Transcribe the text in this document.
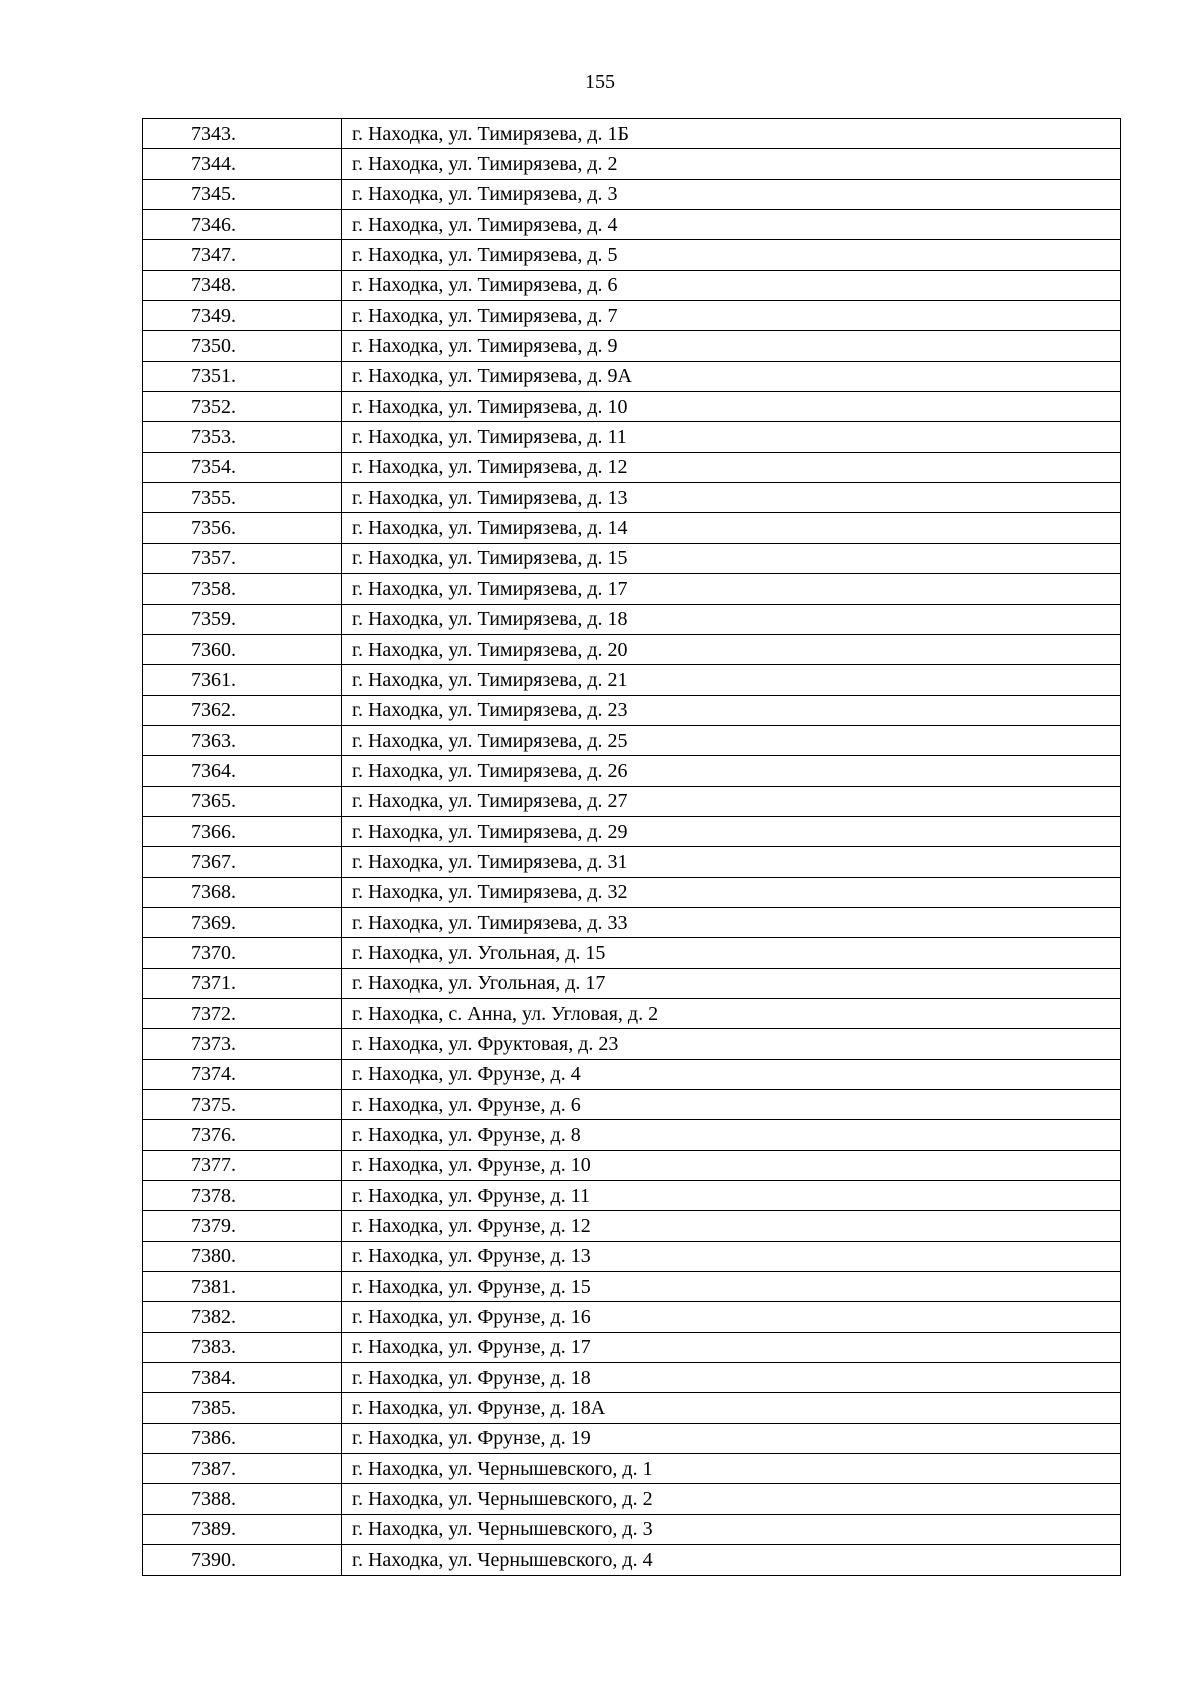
155
7343.	г. Находка, ул. Тимирязева, д. 1Б
7344.	г. Находка, ул. Тимирязева, д. 2
7345.	г. Находка, ул. Тимирязева, д. 3
7346.	г. Находка, ул. Тимирязева, д. 4
7347.	г. Находка, ул. Тимирязева, д. 5
7348.	г. Находка, ул. Тимирязева, д. 6
7349.	г. Находка, ул. Тимирязева, д. 7
7350.	г. Находка, ул. Тимирязева, д. 9
7351.	г. Находка, ул. Тимирязева, д. 9А
7352.	г. Находка, ул. Тимирязева, д. 10
7353.	г. Находка, ул. Тимирязева, д. 11
7354.	г. Находка, ул. Тимирязева, д. 12
7355.	г. Находка, ул. Тимирязева, д. 13
7356.	г. Находка, ул. Тимирязева, д. 14
7357.	г. Находка, ул. Тимирязева, д. 15
7358.	г. Находка, ул. Тимирязева, д. 17
7359.	г. Находка, ул. Тимирязева, д. 18
7360.	г. Находка, ул. Тимирязева, д. 20
7361.	г. Находка, ул. Тимирязева, д. 21
7362.	г. Находка, ул. Тимирязева, д. 23
7363.	г. Находка, ул. Тимирязева, д. 25
7364.	г. Находка, ул. Тимирязева, д. 26
7365.	г. Находка, ул. Тимирязева, д. 27
7366.	г. Находка, ул. Тимирязева, д. 29
7367.	г. Находка, ул. Тимирязева, д. 31
7368.	г. Находка, ул. Тимирязева, д. 32
7369.	г. Находка, ул. Тимирязева, д. 33
7370.	г. Находка, ул. Угольная, д. 15
7371.	г. Находка, ул. Угольная, д. 17
7372.	г. Находка, с. Анна, ул. Угловая, д. 2
7373.	г. Находка, ул. Фруктовая, д. 23
7374.	г. Находка, ул. Фрунзе, д. 4
7375.	г. Находка, ул. Фрунзе, д. 6
7376.	г. Находка, ул. Фрунзе, д. 8
7377.	г. Находка, ул. Фрунзе, д. 10
7378.	г. Находка, ул. Фрунзе, д. 11
7379.	г. Находка, ул. Фрунзе, д. 12
7380.	г. Находка, ул. Фрунзе, д. 13
7381.	г. Находка, ул. Фрунзе, д. 15
7382.	г. Находка, ул. Фрунзе, д. 16
7383.	г. Находка, ул. Фрунзе, д. 17
7384.	г. Находка, ул. Фрунзе, д. 18
7385.	г. Находка, ул. Фрунзе, д. 18А
7386.	г. Находка, ул. Фрунзе, д. 19
7387.	г. Находка, ул. Чернышевского, д. 1
7388.	г. Находка, ул. Чернышевского, д. 2
7389.	г. Находка, ул. Чернышевского, д. 3
7390.	г. Находка, ул. Чернышевского, д. 4
